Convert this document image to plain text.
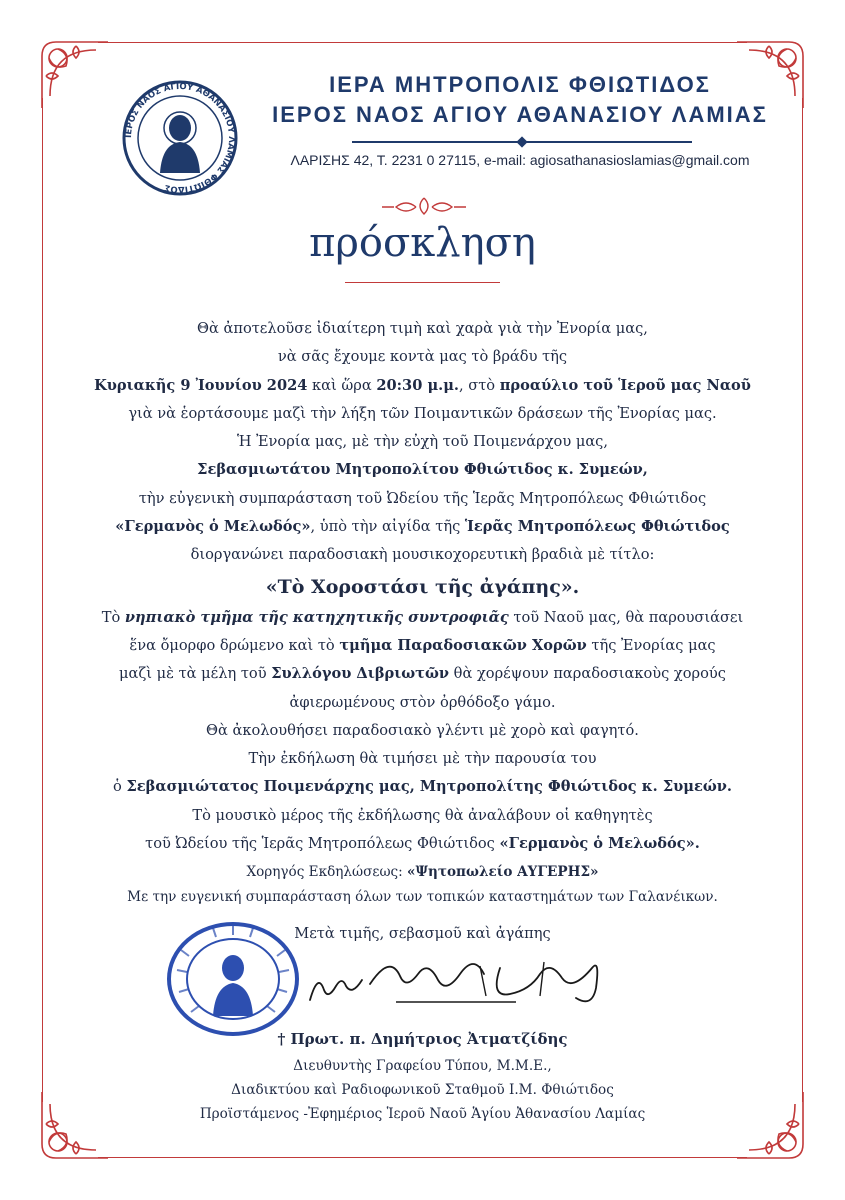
ΙΕΡΟΣ ΝΑΟΣ ΑΓΙΟΥ ΑΘΑΝΑΣΙΟΥ ΛΑΜΙΑΣ ΦΘΙΩΤΙΔΟΣ
ΙΕΡΑ ΜΗΤΡΟΠΟΛΙΣ ΦΘΙΩΤΙΔΟΣ
ΙΕΡΟΣ ΝΑΟΣ ΑΓΙΟΥ ΑΘΑΝΑΣΙΟΥ ΛΑΜΙΑΣ
ΛΑΡΙΣΗΣ 42, Τ. 2231 0 27115, e-mail: agiosathanasioslamias@gmail.com
πρόσκληση
Θὰ ἀποτελοῦσε ἰδιαίτερη τιμὴ καὶ χαρὰ γιὰ τὴν Ἐνορία μας,
νὰ σᾶς ἔχουμε κοντὰ μας τὸ βράδυ τῆς
Κυριακῆς 9 Ἰουνίου 2024 καὶ ὥρα 20:30 μ.μ., στὸ προαύλιο τοῦ Ἱεροῦ μας Ναοῦ
γιὰ νὰ ἑορτάσουμε μαζὶ τὴν λήξη τῶν Ποιμαντικῶν δράσεων τῆς Ἐνορίας μας.
Ἡ Ἐνορία μας, μὲ τὴν εὐχὴ τοῦ Ποιμενάρχου μας,
Σεβασμιωτάτου Μητροπολίτου Φθιώτιδος κ. Συμεών,
τὴν εὐγενικὴ συμπαράσταση τοῦ Ὠδείου τῆς Ἱερᾶς Μητροπόλεως Φθιώτιδος
«Γερμανὸς ὁ Μελωδός», ὑπὸ τὴν αἰγίδα τῆς Ἱερᾶς Μητροπόλεως Φθιώτιδος
διοργανώνει παραδοσιακὴ μουσικοχορευτικὴ βραδιὰ μὲ τίτλο:
«Τὸ Χοροστάσι τῆς ἀγάπης».
Τὸ νηπιακὸ τμῆμα τῆς κατηχητικῆς συντροφιᾶς τοῦ Ναοῦ μας, θὰ παρουσιάσει
ἕνα ὄμορφο δρώμενο καὶ τὸ τμῆμα Παραδοσιακῶν Χορῶν τῆς Ἐνορίας μας
μαζὶ μὲ τὰ μέλη τοῦ Συλλόγου Διβριωτῶν θὰ χορέψουν παραδοσιακοὺς χορούς
ἀφιερωμένους στὸν ὀρθόδοξο γάμο.
Θὰ ἀκολουθήσει παραδοσιακὸ γλέντι μὲ χορὸ καὶ φαγητό.
Τὴν ἐκδήλωση θὰ τιμήσει μὲ τὴν παρουσία του
ὁ Σεβασμιώτατος Ποιμενάρχης μας, Μητροπολίτης Φθιώτιδος κ. Συμεών.
Τὸ μουσικὸ μέρος τῆς ἐκδήλωσης θὰ ἀναλάβουν οἱ καθηγητὲς
τοῦ Ὠδείου τῆς Ἱερᾶς Μητροπόλεως Φθιώτιδος «Γερμανὸς ὁ Μελωδός».
Χορηγός Εκδηλώσεως: «Ψητοπωλείο ΑΥΓΕΡΗΣ»
Με την ευγενική συμπαράσταση όλων των τοπικών καταστημάτων των Γαλανέικων.
Μετὰ τιμῆς, σεβασμοῦ καὶ ἀγάπης
† Πρωτ. π. Δημήτριος Ἀτματζίδης
Διευθυντὴς Γραφείου Τύπου, Μ.Μ.Ε.,
Διαδικτύου καὶ Ραδιοφωνικοῦ Σταθμοῦ Ι.Μ. Φθιώτιδος
Προϊστάμενος -Ἐφημέριος Ἱεροῦ Ναοῦ Ἁγίου Ἀθανασίου Λαμίας
